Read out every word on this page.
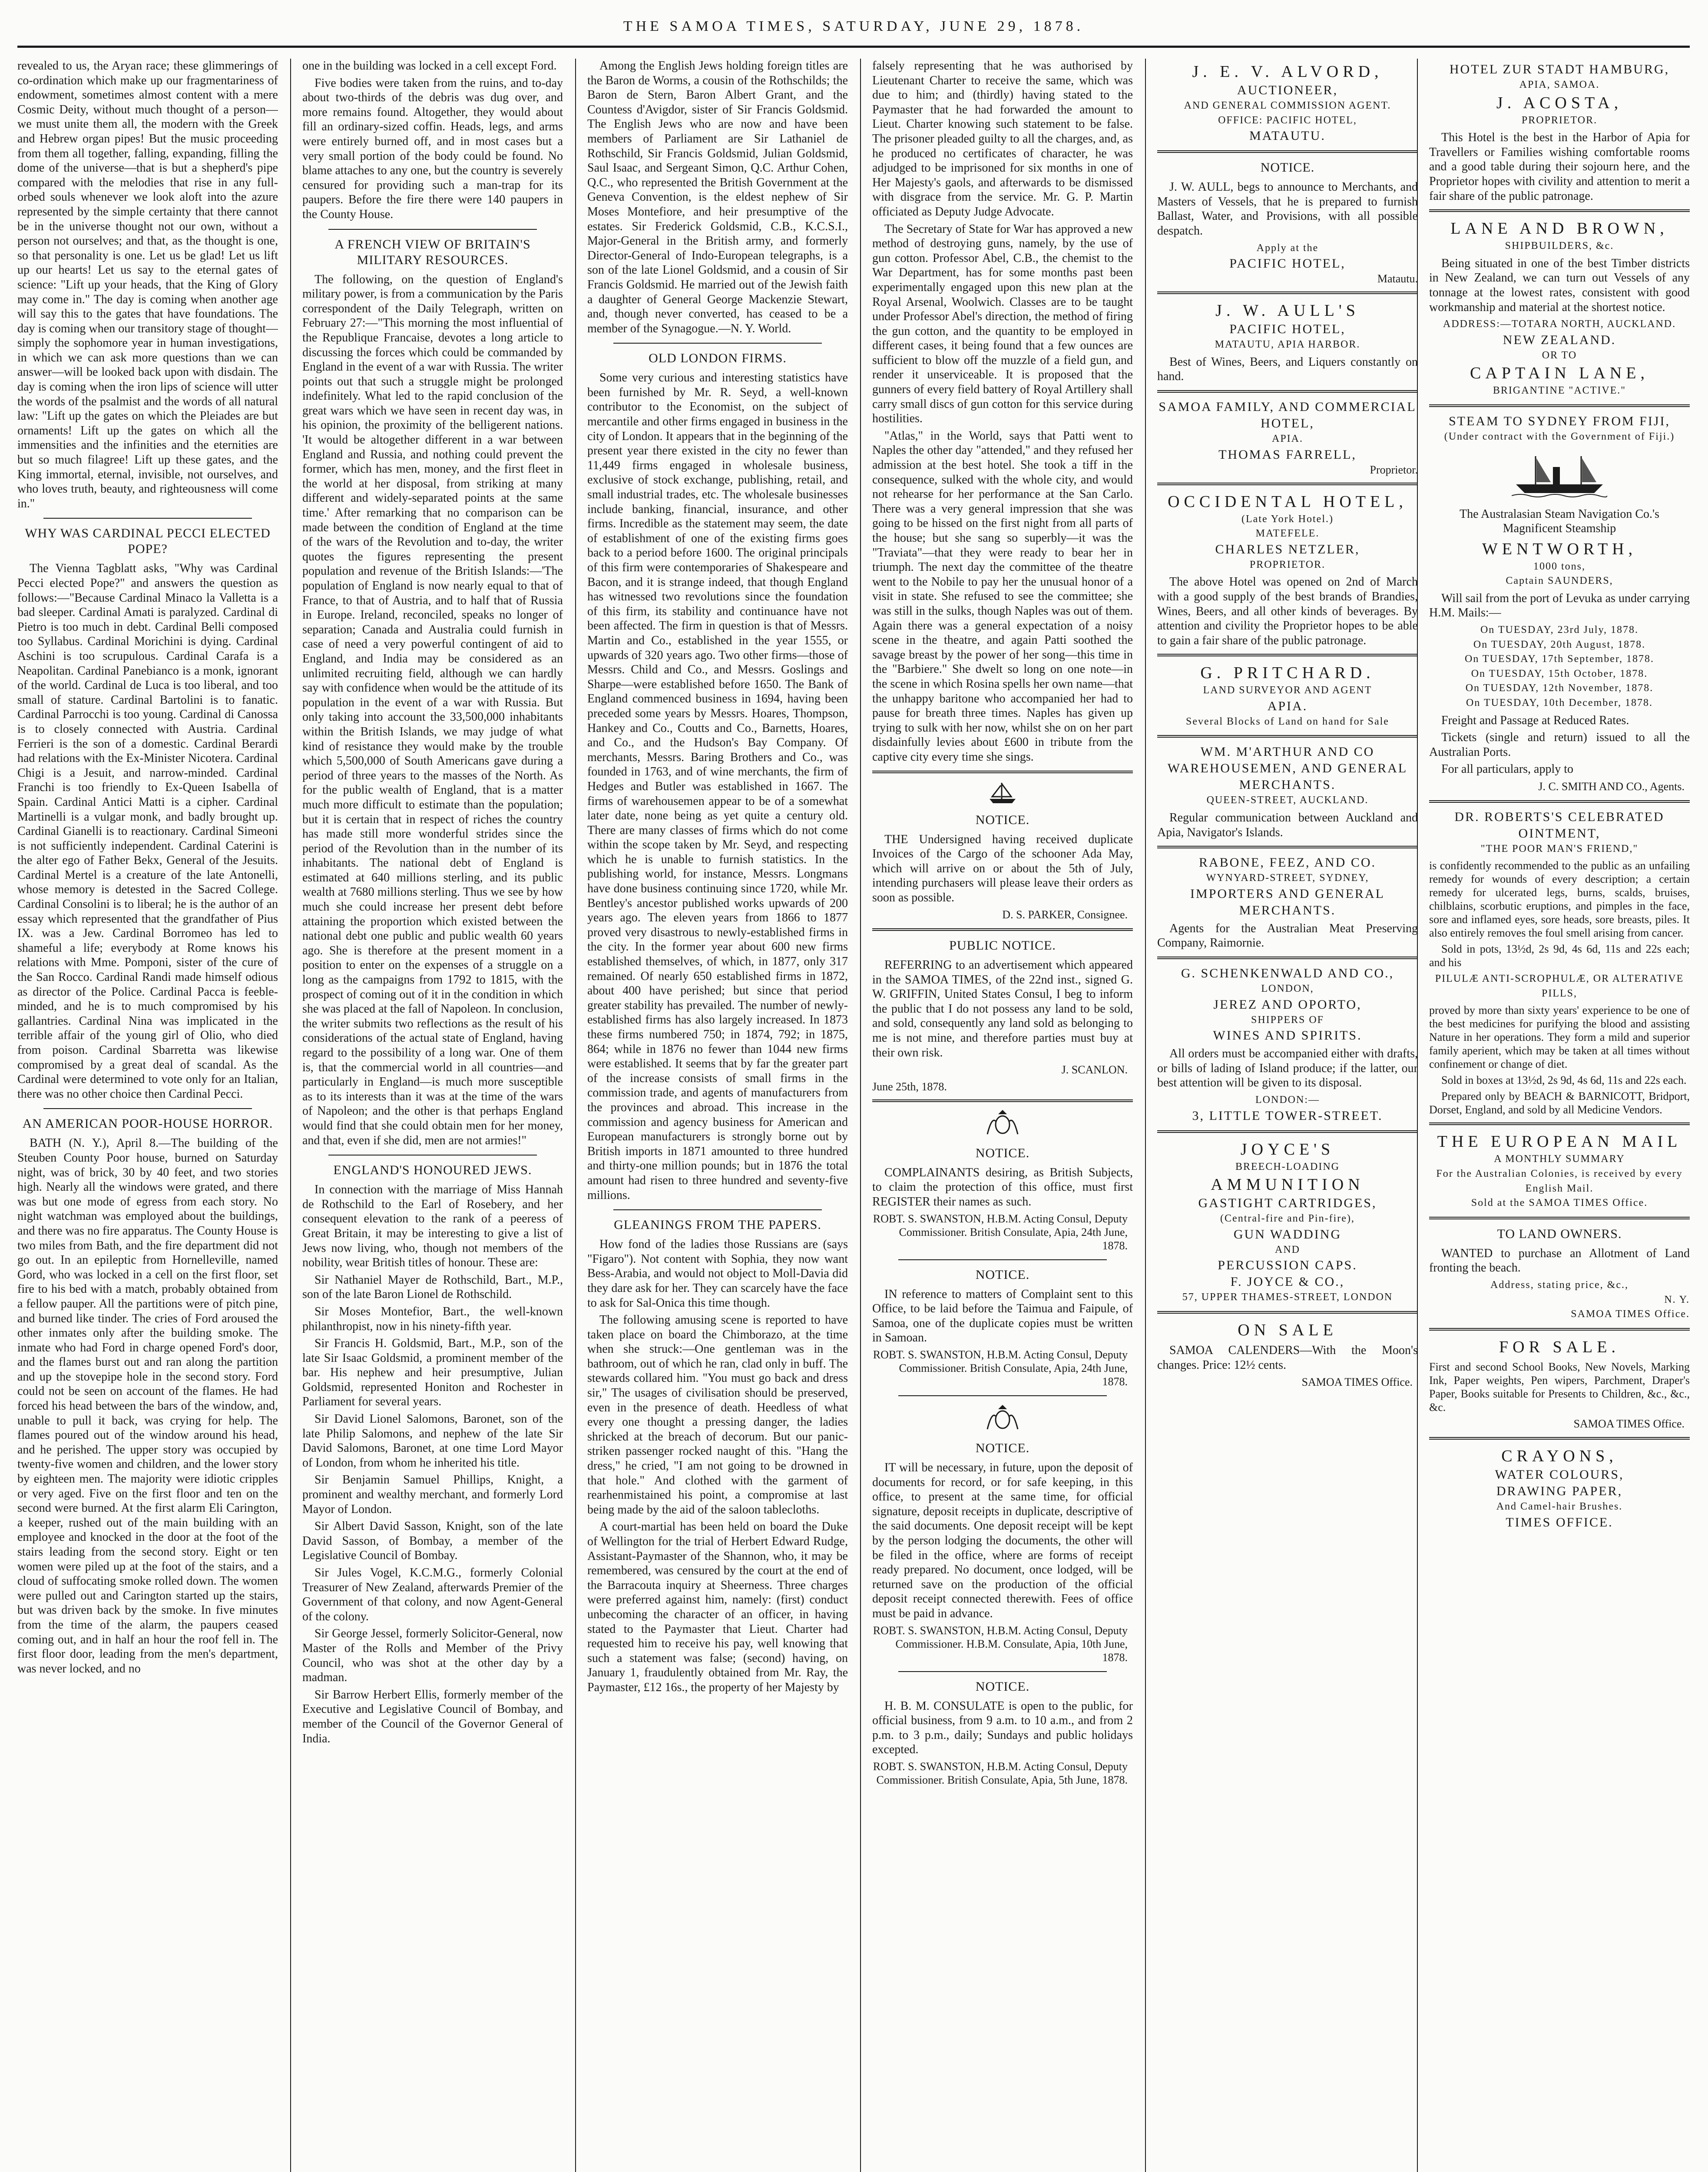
THE SAMOA TIMES, SATURDAY, JUNE 29, 1878.

revealed to us, the Aryan race; these glimmerings of co-ordination which make up our fragmentariness of endowment, sometimes almost content with a mere Cosmic Deity, without much thought of a person—we must unite them all, the modern with the Greek and Hebrew organ pipes! But the music proceeding from them all together, falling, expanding, filling the dome of the universe—that is but a shepherd's pipe compared with the melodies that rise in any full-orbed souls whenever we look aloft into the azure represented by the simple certainty that there cannot be in the universe thought not our own, without a person not ourselves; and that, as the thought is one, so that personality is one. Let us be glad! Let us lift up our hearts! Let us say to the eternal gates of science: "Lift up your heads, that the King of Glory may come in." The day is coming when another age will say this to the gates that have foundations. The day is coming when our transitory stage of thought—simply the sophomore year in human investigations, in which we can ask more questions than we can answer—will be looked back upon with disdain. The day is coming when the iron lips of science will utter the words of the psalmist and the words of all natural law: "Lift up the gates on which the Pleiades are but ornaments! Lift up the gates on which all the immensities and the infinities and the eternities are but so much filagree! Lift up these gates, and the King immortal, eternal, invisible, not ourselves, and who loves truth, beauty, and righteousness will come in."

WHY WAS CARDINAL PECCI ELECTED POPE?

The Vienna Tagblatt asks, "Why was Cardinal Pecci elected Pope?" and answers the question as follows:—"Because Cardinal Minaco la Valletta is a bad sleeper. Cardinal Amati is paralyzed. Cardinal di Pietro is too much in debt. Cardinal Belli composed too Syllabus. Cardinal Morichini is dying. Cardinal Aschini is too scrupulous. Cardinal Carafa is a Neapolitan. Cardinal Panebianco is a monk, ignorant of the world. Cardinal de Luca is too liberal, and too small of stature. Cardinal Bartolini is to fanatic. Cardinal Parrocchi is too young. Cardinal di Canossa is to closely connected with Austria. Cardinal Ferrieri is the son of a domestic. Cardinal Berardi had relations with the Ex-Minister Nicotera. Cardinal Chigi is a Jesuit, and narrow-minded. Cardinal Franchi is too friendly to Ex-Queen Isabella of Spain. Cardinal Antici Matti is a cipher. Cardinal Martinelli is a vulgar monk, and badly brought up. Cardinal Gianelli is to reactionary. Cardinal Simeoni is not sufficiently independent. Cardinal Caterini is the alter ego of Father Bekx, General of the Jesuits. Cardinal Mertel is a creature of the late Antonelli, whose memory is detested in the Sacred College. Cardinal Consolini is to liberal; he is the author of an essay which represented that the grandfather of Pius IX. was a Jew. Cardinal Borromeo has led to shameful a life; everybody at Rome knows his relations with Mme. Pomponi, sister of the cure of the San Rocco. Cardinal Randi made himself odious as director of the Police. Cardinal Pacca is feeble-minded, and he is to much compromised by his gallantries. Cardinal Nina was implicated in the terrible affair of the young girl of Olio, who died from poison. Cardinal Sbarretta was likewise compromised by a great deal of scandal. As the Cardinal were determined to vote only for an Italian, there was no other choice then Cardinal Pecci.

AN AMERICAN POOR-HOUSE HORROR.

BATH (N. Y.), April 8.—The building of the Steuben County Poor house, burned on Saturday night, was of brick, 30 by 40 feet, and two stories high. Nearly all the windows were grated, and there was but one mode of egress from each story. No night watchman was employed about the buildings, and there was no fire apparatus. The County House is two miles from Bath, and the fire department did not go out. In an epileptic from Hornelleville, named Gord, who was locked in a cell on the first floor, set fire to his bed with a match, probably obtained from a fellow pauper. All the partitions were of pitch pine, and burned like tinder. The cries of Ford aroused the other inmates only after the building smoke. The inmate who had Ford in charge opened Ford's door, and the flames burst out and ran along the partition and up the stovepipe hole in the second story. Ford could not be seen on account of the flames. He had forced his head between the bars of the window, and, unable to pull it back, was crying for help. The flames poured out of the window around his head, and he perished. The upper story was occupied by twenty-five women and children, and the lower story by eighteen men. The majority were idiotic cripples or very aged. Five on the first floor and ten on the second were burned. At the first alarm Eli Carington, a keeper, rushed out of the main building with an employee and knocked in the door at the foot of the stairs leading from the second story. Eight or ten women were piled up at the foot of the stairs, and a cloud of suffocating smoke rolled down. The women were pulled out and Carington started up the stairs, but was driven back by the smoke. In five minutes from the time of the alarm, the paupers ceased coming out, and in half an hour the roof fell in. The first floor door, leading from the men's department, was never locked, and no

one in the building was locked in a cell except Ford.

Five bodies were taken from the ruins, and to-day about two-thirds of the debris was dug over, and more remains found. Altogether, they would about fill an ordinary-sized coffin. Heads, legs, and arms were entirely burned off, and in most cases but a very small portion of the body could be found. No blame attaches to any one, but the country is severely censured for providing such a man-trap for its paupers. Before the fire there were 140 paupers in the County House.

A FRENCH VIEW OF BRITAIN'S MILITARY RESOURCES.

The following, on the question of England's military power, is from a communication by the Paris correspondent of the Daily Telegraph, written on February 27:—"This morning the most influential of the Republique Francaise, devotes a long article to discussing the forces which could be commanded by England in the event of a war with Russia. The writer points out that such a struggle might be prolonged indefinitely. What led to the rapid conclusion of the great wars which we have seen in recent day was, in his opinion, the proximity of the belligerent nations. 'It would be altogether different in a war between England and Russia, and nothing could prevent the former, which has men, money, and the first fleet in the world at her disposal, from striking at many different and widely-separated points at the same time.' After remarking that no comparison can be made between the condition of England at the time of the wars of the Revolution and to-day, the writer quotes the figures representing the present population and revenue of the British Islands:—'The population of England is now nearly equal to that of France, to that of Austria, and to half that of Russia in Europe. Ireland, reconciled, speaks no longer of separation; Canada and Australia could furnish in case of need a very powerful contingent of aid to England, and India may be considered as an unlimited recruiting field, although we can hardly say with confidence when would be the attitude of its population in the event of a war with Russia. But only taking into account the 33,500,000 inhabitants within the British Islands, we may judge of what kind of resistance they would make by the trouble which 5,500,000 of South Americans gave during a period of three years to the masses of the North. As for the public wealth of England, that is a matter much more difficult to estimate than the population; but it is certain that in respect of riches the country has made still more wonderful strides since the period of the Revolution than in the number of its inhabitants. The national debt of England is estimated at 640 millions sterling, and its public wealth at 7680 millions sterling. Thus we see by how much she could increase her present debt before attaining the proportion which existed between the national debt one public and public wealth 60 years ago. She is therefore at the present moment in a position to enter on the expenses of a struggle on a long as the campaigns from 1792 to 1815, with the prospect of coming out of it in the condition in which she was placed at the fall of Napoleon. In conclusion, the writer submits two reflections as the result of his considerations of the actual state of England, having regard to the possibility of a long war. One of them is, that the commercial world in all countries—and particularly in England—is much more susceptible as to its interests than it was at the time of the wars of Napoleon; and the other is that perhaps England would find that she could obtain men for her money, and that, even if she did, men are not armies!"

ENGLAND'S HONOURED JEWS.

In connection with the marriage of Miss Hannah de Rothschild to the Earl of Rosebery, and her consequent elevation to the rank of a peeress of Great Britain, it may be interesting to give a list of Jews now living, who, though not members of the nobility, wear British titles of honour. These are:

Sir Nathaniel Mayer de Rothschild, Bart., M.P., son of the late Baron Lionel de Rothschild.

Sir Moses Montefior, Bart., the well-known philanthropist, now in his ninety-fifth year.

Sir Francis H. Goldsmid, Bart., M.P., son of the late Sir Isaac Goldsmid, a prominent member of the bar. His nephew and heir presumptive, Julian Goldsmid, represented Honiton and Rochester in Parliament for several years.

Sir David Lionel Salomons, Baronet, son of the late Philip Salomons, and nephew of the late Sir David Salomons, Baronet, at one time Lord Mayor of London, from whom he inherited his title.

Sir Benjamin Samuel Phillips, Knight, a prominent and wealthy merchant, and formerly Lord Mayor of London.

Sir Albert David Sasson, Knight, son of the late David Sasson, of Bombay, a member of the Legislative Council of Bombay.

Sir Jules Vogel, K.C.M.G., formerly Colonial Treasurer of New Zealand, afterwards Premier of the Government of that colony, and now Agent-General of the colony.

Sir George Jessel, formerly Solicitor-General, now Master of the Rolls and Member of the Privy Council, who was shot at the other day by a madman.

Sir Barrow Herbert Ellis, formerly member of the Executive and Legislative Council of Bombay, and member of the Council of the Governor General of India.

Among the English Jews holding foreign titles are the Baron de Worms, a cousin of the Rothschilds; the Baron de Stern, Baron Albert Grant, and the Countess d'Avigdor, sister of Sir Francis Goldsmid. The English Jews who are now and have been members of Parliament are Sir Lathaniel de Rothschild, Sir Francis Goldsmid, Julian Goldsmid, Saul Isaac, and Sergeant Simon, Q.C. Arthur Cohen, Q.C., who represented the British Government at the Geneva Convention, is the eldest nephew of Sir Moses Montefiore, and heir presumptive of the estates. Sir Frederick Goldsmid, C.B., K.C.S.I., Major-General in the British army, and formerly Director-General of Indo-European telegraphs, is a son of the late Lionel Goldsmid, and a cousin of Sir Francis Goldsmid. He married out of the Jewish faith a daughter of General George Mackenzie Stewart, and, though never converted, has ceased to be a member of the Synagogue.—N. Y. World.

OLD LONDON FIRMS.

Some very curious and interesting statistics have been furnished by Mr. R. Seyd, a well-known contributor to the Economist, on the subject of mercantile and other firms engaged in business in the city of London. It appears that in the beginning of the present year there existed in the city no fewer than 11,449 firms engaged in wholesale business, exclusive of stock exchange, publishing, retail, and small industrial trades, etc. The wholesale businesses include banking, financial, insurance, and other firms. Incredible as the statement may seem, the date of establishment of one of the existing firms goes back to a period before 1600. The original principals of this firm were contemporaries of Shakespeare and Bacon, and it is strange indeed, that though England has witnessed two revolutions since the foundation of this firm, its stability and continuance have not been affected. The firm in question is that of Messrs. Martin and Co., established in the year 1555, or upwards of 320 years ago. Two other firms—those of Messrs. Child and Co., and Messrs. Goslings and Sharpe—were established before 1650. The Bank of England commenced business in 1694, having been preceded some years by Messrs. Hoares, Thompson, Hankey and Co., Coutts and Co., Barnetts, Hoares, and Co., and the Hudson's Bay Company. Of merchants, Messrs. Baring Brothers and Co., was founded in 1763, and of wine merchants, the firm of Hedges and Butler was established in 1667. The firms of warehousemen appear to be of a somewhat later date, none being as yet quite a century old. There are many classes of firms which do not come within the scope taken by Mr. Seyd, and respecting which he is unable to furnish statistics. In the publishing world, for instance, Messrs. Longmans have done business continuing since 1720, while Mr. Bentley's ancestor published works upwards of 200 years ago. The eleven years from 1866 to 1877 proved very disastrous to newly-established firms in the city. In the former year about 600 new firms established themselves, of which, in 1877, only 317 remained. Of nearly 650 established firms in 1872, about 400 have perished; but since that period greater stability has prevailed. The number of newly-established firms has also largely increased. In 1873 these firms numbered 750; in 1874, 792; in 1875, 864; while in 1876 no fewer than 1044 new firms were established. It seems that by far the greater part of the increase consists of small firms in the commission trade, and agents of manufacturers from the provinces and abroad. This increase in the commission and agency business for American and European manufacturers is strongly borne out by British imports in 1871 amounted to three hundred and thirty-one million pounds; but in 1876 the total amount had risen to three hundred and seventy-five millions.

GLEANINGS FROM THE PAPERS.

How fond of the ladies those Russians are (says "Figaro"). Not content with Sophia, they now want Bess-Arabia, and would not object to Moll-Davia did they dare ask for her. They can scarcely have the face to ask for Sal-Onica this time though.

The following amusing scene is reported to have taken place on board the Chimborazo, at the time when she struck:—One gentleman was in the bathroom, out of which he ran, clad only in buff. The stewards collared him. "You must go back and dress sir," The usages of civilisation should be preserved, even in the presence of death. Heedless of what every one thought a pressing danger, the ladies shricked at the breach of decorum. But our panic-striken passenger rocked naught of this. "Hang the dress," he cried, "I am not going to be drowned in that hole." And clothed with the garment of rearhenmistained his point, a compromise at last being made by the aid of the saloon tablecloths.

A court-martial has been held on board the Duke of Wellington for the trial of Herbert Edward Rudge, Assistant-Paymaster of the Shannon, who, it may be remembered, was censured by the court at the end of the Barracouta inquiry at Sheerness. Three charges were preferred against him, namely: (first) conduct unbecoming the character of an officer, in having stated to the Paymaster that Lieut. Charter had requested him to receive his pay, well knowing that such a statement was false; (second) having, on January 1, fraudulently obtained from Mr. Ray, the Paymaster, £12 16s., the property of her Majesty by

falsely representing that he was authorised by Lieutenant Charter to receive the same, which was due to him; and (thirdly) having stated to the Paymaster that he had forwarded the amount to Lieut. Charter knowing such statement to be false. The prisoner pleaded guilty to all the charges, and, as he produced no certificates of character, he was adjudged to be imprisoned for six months in one of Her Majesty's gaols, and afterwards to be dismissed with disgrace from the service. Mr. G. P. Martin officiated as Deputy Judge Advocate.

The Secretary of State for War has approved a new method of destroying guns, namely, by the use of gun cotton. Professor Abel, C.B., the chemist to the War Department, has for some months past been experimentally engaged upon this new plan at the Royal Arsenal, Woolwich. Classes are to be taught under Professor Abel's direction, the method of firing the gun cotton, and the quantity to be employed in different cases, it being found that a few ounces are sufficient to blow off the muzzle of a field gun, and render it unserviceable. It is proposed that the gunners of every field battery of Royal Artillery shall carry small discs of gun cotton for this service during hostilities.

"Atlas," in the World, says that Patti went to Naples the other day "attended," and they refused her admission at the best hotel. She took a tiff in the consequence, sulked with the whole city, and would not rehearse for her performance at the San Carlo. There was a very general impression that she was going to be hissed on the first night from all parts of the house; but she sang so superbly—it was the "Traviata"—that they were ready to bear her in triumph. The next day the committee of the theatre went to the Nobile to pay her the unusual honor of a visit in state. She refused to see the committee; she was still in the sulks, though Naples was out of them. Again there was a general expectation of a noisy scene in the theatre, and again Patti soothed the savage breast by the power of her song—this time in the "Barbiere." She dwelt so long on one note—in the scene in which Rosina spells her own name—that the unhappy baritone who accompanied her had to pause for breath three times. Naples has given up trying to sulk with her now, whilst she on on her part disdainfully levies about £600 in tribute from the captive city every time she sings.

NOTICE.

THE Undersigned having received duplicate Invoices of the Cargo of the schooner Ada May, which will arrive on or about the 5th of July, intending purchasers will please leave their orders as soon as possible.

D. S. PARKER, Consignee.
PUBLIC NOTICE.

REFERRING to an advertisement which appeared in the SAMOA TIMES, of the 22nd inst., signed G. W. GRIFFIN, United States Consul, I beg to inform the public that I do not possess any land to be sold, and sold, consequently any land sold as belonging to me is not mine, and therefore parties must buy at their own risk.

J. SCANLON.

June 25th, 1878.

NOTICE.

COMPLAINANTS desiring, as British Subjects, to claim the protection of this office, must first REGISTER their names as such.

ROBT. S. SWANSTON, H.B.M. Acting Consul, Deputy Commissioner. British Consulate, Apia, 24th June, 1878.
NOTICE.

IN reference to matters of Complaint sent to this Office, to be laid before the Taimua and Faipule, of Samoa, one of the duplicate copies must be written in Samoan.

ROBT. S. SWANSTON, H.B.M. Acting Consul, Deputy Commissioner. British Consulate, Apia, 24th June, 1878.
NOTICE.

IT will be necessary, in future, upon the deposit of documents for record, or for safe keeping, in this office, to present at the same time, for official signature, deposit receipts in duplicate, descriptive of the said documents. One deposit receipt will be kept by the person lodging the documents, the other will be filed in the office, where are forms of receipt ready prepared. No document, once lodged, will be returned save on the production of the official deposit receipt connected therewith. Fees of office must be paid in advance.

ROBT. S. SWANSTON, H.B.M. Acting Consul, Deputy Commissioner. H.B.M. Consulate, Apia, 10th June, 1878.
NOTICE.

H. B. M. CONSULATE is open to the public, for official business, from 9 a.m. to 10 a.m., and from 2 p.m. to 3 p.m., daily; Sundays and public holidays excepted.

ROBT. S. SWANSTON, H.B.M. Acting Consul, Deputy Commissioner. British Consulate, Apia, 5th June, 1878.
J. E. V. ALVORD,
AUCTIONEER,
AND GENERAL COMMISSION AGENT.
OFFICE: PACIFIC HOTEL,
MATAUTU.
NOTICE.

J. W. AULL, begs to announce to Merchants, and Masters of Vessels, that he is prepared to furnish Ballast, Water, and Provisions, with all possible despatch.

Apply at the
PACIFIC HOTEL,
Matautu.
J. W. AULL'S
PACIFIC HOTEL,
MATAUTU, APIA HARBOR.

Best of Wines, Beers, and Liquers constantly on hand.

SAMOA FAMILY, AND COMMERCIAL HOTEL,
APIA.
THOMAS FARRELL,
Proprietor.
OCCIDENTAL HOTEL,
(Late York Hotel.)
MATEFELE.
CHARLES NETZLER,
PROPRIETOR.

The above Hotel was opened on 2nd of March with a good supply of the best brands of Brandies, Wines, Beers, and all other kinds of beverages. By attention and civility the Proprietor hopes to be able to gain a fair share of the public patronage.

G. PRITCHARD.
LAND SURVEYOR AND AGENT
APIA.
Several Blocks of Land on hand for Sale
WM. M'ARTHUR AND CO
WAREHOUSEMEN, AND GENERAL MERCHANTS.
QUEEN-STREET, AUCKLAND.

Regular communication between Auckland and Apia, Navigator's Islands.

RABONE, FEEZ, AND CO.
WYNYARD-STREET, SYDNEY,
IMPORTERS AND GENERAL MERCHANTS.

Agents for the Australian Meat Preserving Company, Raimornie.

G. SCHENKENWALD AND CO.,
LONDON,
JEREZ AND OPORTO,
SHIPPERS OF
WINES AND SPIRITS.

All orders must be accompanied either with drafts, or bills of lading of Island produce; if the latter, our best attention will be given to its disposal.

LONDON:—
3, LITTLE TOWER-STREET.
JOYCE'S
BREECH-LOADING
AMMUNITION
GASTIGHT CARTRIDGES,
(Central-fire and Pin-fire),
GUN WADDING
AND
PERCUSSION CAPS.
F. JOYCE & CO.,
57, UPPER THAMES-STREET, LONDON
ON SALE

SAMOA CALENDERS—With the Moon's changes. Price: 12½ cents.

SAMOA TIMES Office.
HOTEL ZUR STADT HAMBURG,
APIA, SAMOA.
J. ACOSTA,
PROPRIETOR.

This Hotel is the best in the Harbor of Apia for Travellers or Families wishing comfortable rooms and a good table during their sojourn here, and the Proprietor hopes with civility and attention to merit a fair share of the public patronage.

LANE AND BROWN,
SHIPBUILDERS, &c.

Being situated in one of the best Timber districts in New Zealand, we can turn out Vessels of any tonnage at the lowest rates, consistent with good workmanship and material at the shortest notice.

ADDRESS:—TOTARA NORTH, AUCKLAND.
NEW ZEALAND.
OR TO
CAPTAIN LANE,
BRIGANTINE "ACTIVE."
STEAM TO SYDNEY FROM FIJI,
(Under contract with the Government of Fiji.)

The Australasian Steam Navigation Co.'s Magnificent Steamship

WENTWORTH,
1000 tons,
Captain SAUNDERS,

Will sail from the port of Levuka as under carrying H.M. Mails:—

On TUESDAY, 23rd July, 1878.
On TUESDAY, 20th August, 1878.
On TUESDAY, 17th September, 1878.
On TUESDAY, 15th October, 1878.
On TUESDAY, 12th November, 1878.
On TUESDAY, 10th December, 1878.

Freight and Passage at Reduced Rates.

Tickets (single and return) issued to all the Australian Ports.

For all particulars, apply to

J. C. SMITH AND CO., Agents.
DR. ROBERTS'S CELEBRATED OINTMENT,
"THE POOR MAN'S FRIEND,"

is confidently recommended to the public as an unfailing remedy for wounds of every description; a certain remedy for ulcerated legs, burns, scalds, bruises, chilblains, scorbutic eruptions, and pimples in the face, sore and inflamed eyes, sore heads, sore breasts, piles. It also entirely removes the foul smell arising from cancer.

Sold in pots, 13½d, 2s 9d, 4s 6d, 11s and 22s each; and his

PILULÆ ANTI-SCROPHULÆ, OR ALTERATIVE PILLS,

proved by more than sixty years' experience to be one of the best medicines for purifying the blood and assisting Nature in her operations. They form a mild and superior family aperient, which may be taken at all times without confinement or change of diet.

Sold in boxes at 13½d, 2s 9d, 4s 6d, 11s and 22s each.

Prepared only by BEACH & BARNICOTT, Bridport, Dorset, England, and sold by all Medicine Vendors.

THE EUROPEAN MAIL
A MONTHLY SUMMARY
For the Australian Colonies, is received by every English Mail.
Sold at the SAMOA TIMES Office.
TO LAND OWNERS.

WANTED to purchase an Allotment of Land fronting the beach.

Address, stating price, &c.,
N. Y.
SAMOA TIMES Office.
FOR SALE.

First and second School Books, New Novels, Marking Ink, Paper weights, Pen wipers, Parchment, Draper's Paper, Books suitable for Presents to Children, &c., &c., &c.

SAMOA TIMES Office.
CRAYONS,
WATER COLOURS,
DRAWING PAPER,
And Camel-hair Brushes.
TIMES OFFICE.
